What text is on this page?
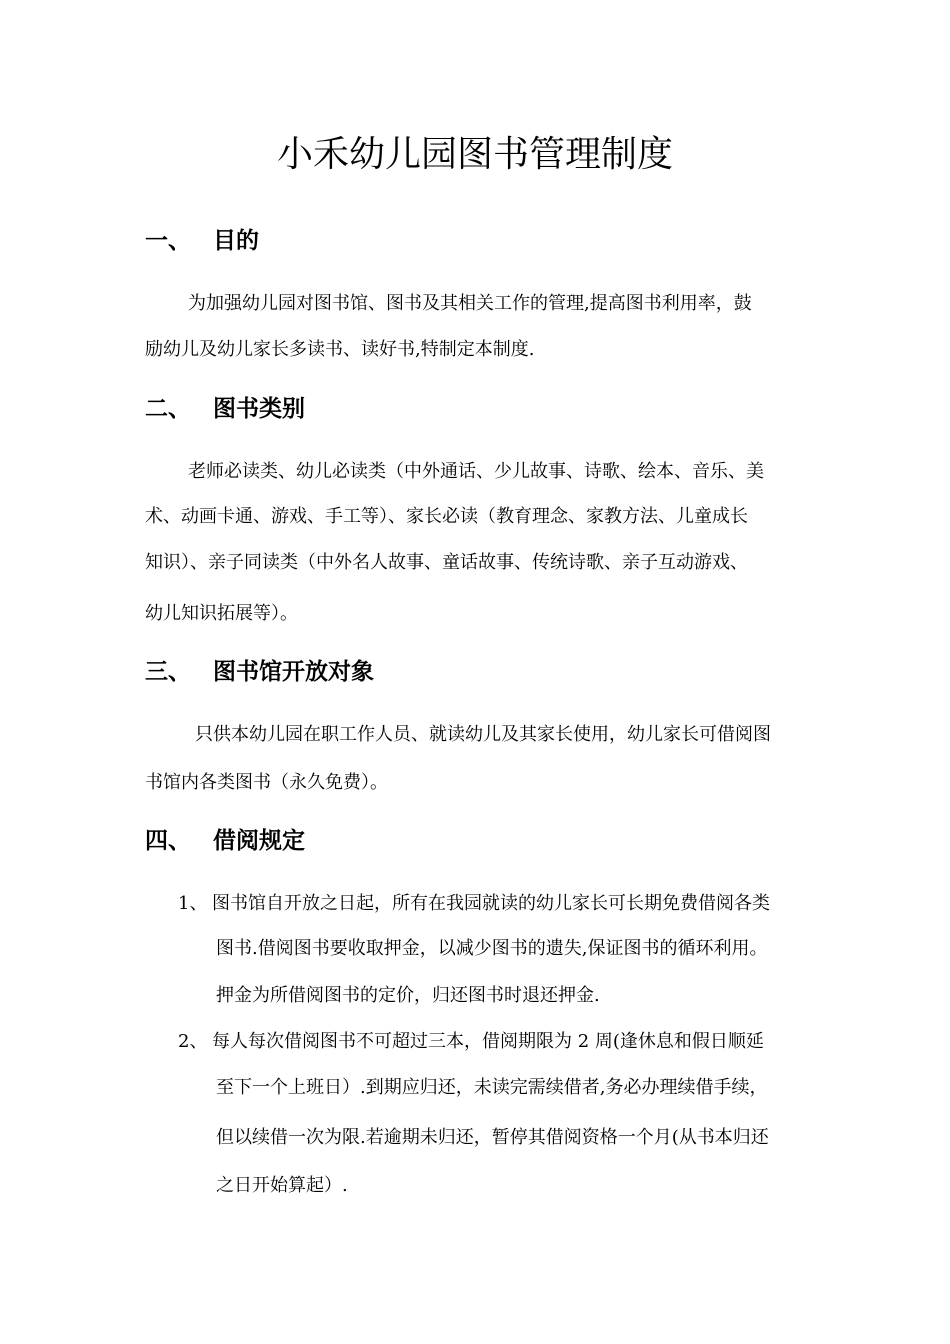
小禾幼儿园图书管理制度
一、 目的
为加强幼儿园对图书馆、图书及其相关工作的管理,提高图书利用率，鼓
励幼儿及幼儿家长多读书、读好书,特制定本制度.
二、 图书类别
老师必读类、幼儿必读类（中外通话、少儿故事、诗歌、绘本、音乐、美
术、动画卡通、游戏、手工等）、家长必读（教育理念、家教方法、儿童成长
知识）、亲子同读类（中外名人故事、童话故事、传统诗歌、亲子互动游戏、
幼儿知识拓展等）。
三、 图书馆开放对象
只供本幼儿园在职工作人员、就读幼儿及其家长使用，幼儿家长可借阅图
书馆内各类图书（永久免费）。
四、 借阅规定
1、 图书馆自开放之日起，所有在我园就读的幼儿家长可长期免费借阅各类
图书.借阅图书要收取押金，以减少图书的遗失,保证图书的循环利用。
押金为所借阅图书的定价，归还图书时退还押金.
2、 每人每次借阅图书不可超过三本，借阅期限为 2 周(逢休息和假日顺延
至下一个上班日）.到期应归还，未读完需续借者,务必办理续借手续，
但以续借一次为限.若逾期未归还，暂停其借阅资格一个月(从书本归还
之日开始算起）.
